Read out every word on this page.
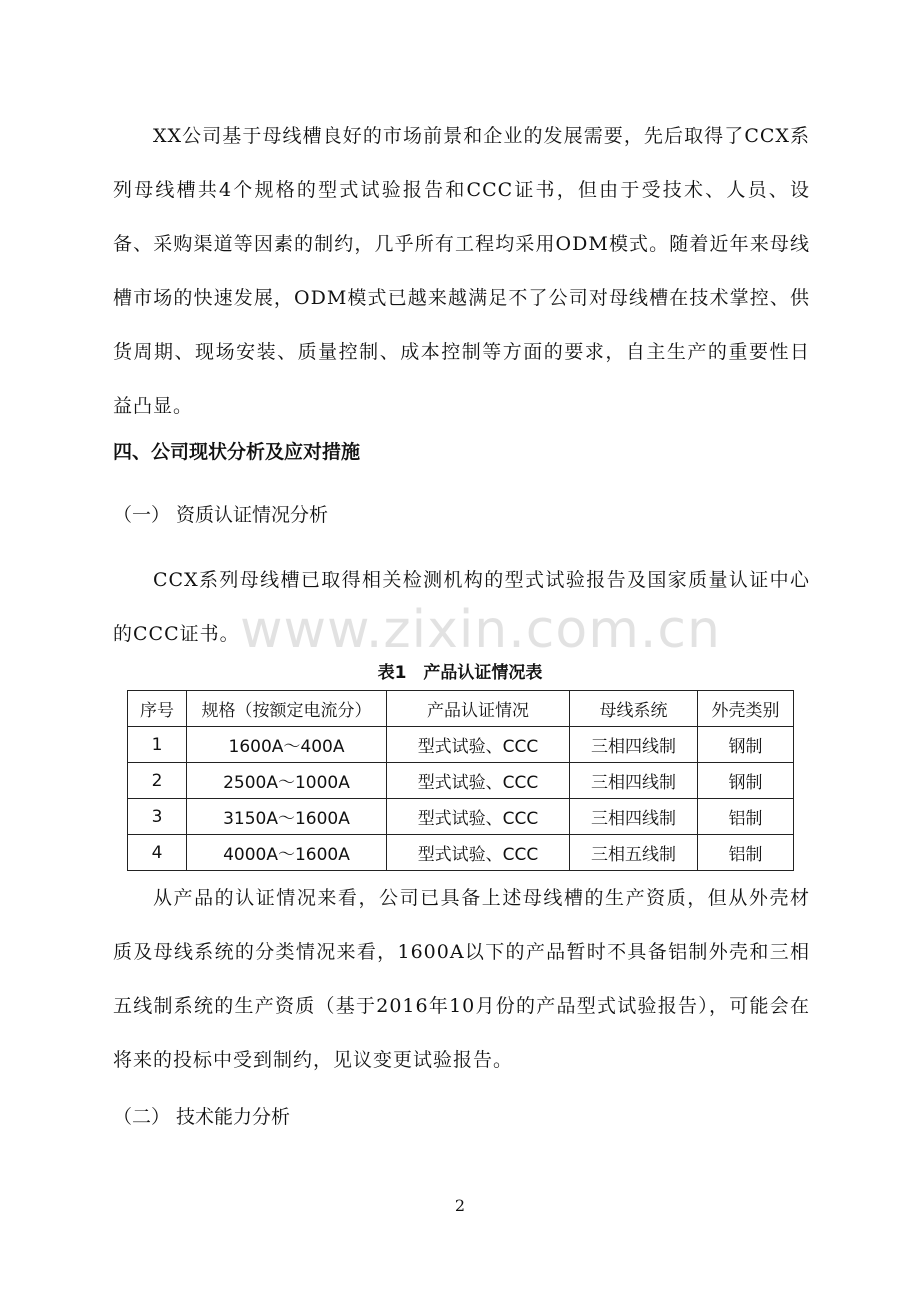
XX公司基于母线槽良好的市场前景和企业的发展需要，先后取得了CCX系列母线槽共4个规格的型式试验报告和CCC证书，但由于受技术、人员、设备、采购渠道等因素的制约，几乎所有工程均采用ODM模式。随着近年来母线槽市场的快速发展，ODM模式已越来越满足不了公司对母线槽在技术掌控、供货周期、现场安装、质量控制、成本控制等方面的要求，自主生产的重要性日益凸显。

四、公司现状分析及应对措施
（一） 资质认证情况分析

CCX系列母线槽已取得相关检测机构的型式试验报告及国家质量认证中心的CCC证书。 www.zixin.com.cn
表1　产品认证情况表
序号	规格（按额定电流分）	产品认证情况	母线系统	外壳类别
1	1600A～400A	型式试验、CCC	三相四线制	钢制
2	2500A～1000A	型式试验、CCC	三相四线制	钢制
3	3150A～1600A	型式试验、CCC	三相四线制	铝制
4	4000A～1600A	型式试验、CCC	三相五线制	铝制

从产品的认证情况来看，公司已具备上述母线槽的生产资质，但从外壳材质及母线系统的分类情况来看，1600A以下的产品暂时不具备铝制外壳和三相五线制系统的生产资质（基于2016年10月份的产品型式试验报告），可能会在将来的投标中受到制约，见议变更试验报告。

（二） 技术能力分析
2
